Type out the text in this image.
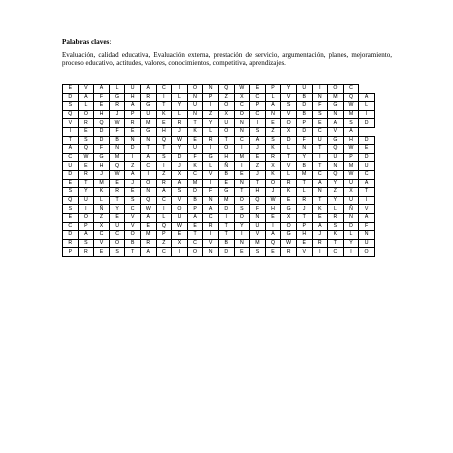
Palabras claves:

Evaluación, calidad educativa, Evaluación externa, prestación de servicio, argumentación, planes, mejoramiento, proceso educativo, actitudes, valores, conocimientos, competitiva, aprendizajes.

E	V	A	L	U	A	C	I	O	N	Q	W	E	P	Y	U	I	O	C	
D	A	F	G	H	R	I	L	Ñ	P	Z	X	C	L	V	B	N	M	Q	A
S	L	E	R	A	G	T	Y	U	I	O	C	P	A	S	D	F	G	W	L
Q	O	H	J	P	U	K	L	Ñ	Z	X	O	C	N	V	B	S	N	M	I
V	R	Q	W	R	M	E	R	T	Y	U	N	I	E	O	P	E	A	S	D
I	E	D	F	E	G	H	J	K	L	O	Ñ	S	Z	X	D	C	V	A	
T	S	D	B	N	N	Q	W	E	R	T	C	A	S	D	F	U	G	H	D
A	Q	F	N	D	T	T	Y	U	I	O	I	J	K	L	Ñ	T	Q	W	E
C	W	G	M	I	A	S	D	F	G	H	M	E	R	T	Y	I	U	P	D
U	E	H	Q	Z	C	I	J	K	L	Ñ	I	Z	X	V	B	T	N	M	U
D	R	J	W	A	I	Z	X	C	V	B	E	J	K	L	M	C	Q	W	C
E	T	M	E	J	O	R	A	M	I	E	N	T	O	R	T	A	Y	U	A
S	Y	K	R	E	N	A	S	D	F	G	T	H	J	K	L	Ñ	Z	X	T
Q	U	L	T	S	Q	C	V	B	N	M	O	Q	W	E	R	T	Y	U	I
S	I	Ñ	Y	C	W	I	O	P	A	D	S	F	H	G	J	K	L	Ñ	V
E	O	Z	E	V	A	L	U	A	C	I	Ó	N	E	X	T	E	R	N	A
C	P	X	U	V	E	Q	W	E	R	T	Y	U	I	O	P	A	S	D	F
D	A	C	C	O	M	P	E	T	I	T	I	V	A	G	H	J	K	L	Ñ
R	S	V	O	B	R	Z	X	C	V	B	N	M	Q	W	E	R	T	Y	U
P	R	E	S	T	A	C	I	O	N	D	E	S	E	R	V	I	C	I	O
